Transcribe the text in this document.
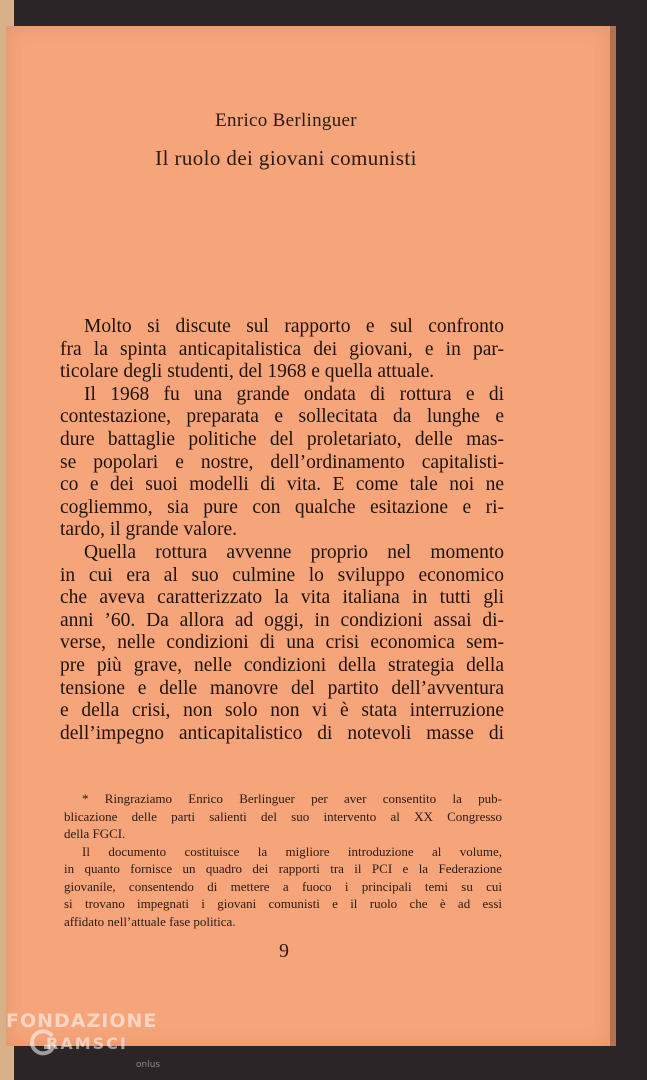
Enrico Berlinguer
Il ruolo dei giovani comunisti
Molto si discute sul rapporto e sul confronto
fra la spinta anticapitalistica dei giovani, e in par-
ticolare degli studenti, del 1968 e quella attuale.
Il 1968 fu una grande ondata di rottura e di
contestazione, preparata e sollecitata da lunghe e
dure battaglie politiche del proletariato, delle mas-
se popolari e nostre, dell’ordinamento capitalisti-
co e dei suoi modelli di vita. E come tale noi ne
cogliemmo, sia pure con qualche esitazione e ri-
tardo, il grande valore.
Quella rottura avvenne proprio nel momento
in cui era al suo culmine lo sviluppo economico
che aveva caratterizzato la vita italiana in tutti gli
anni ’60. Da allora ad oggi, in condizioni assai di-
verse, nelle condizioni di una crisi economica sem-
pre più grave, nelle condizioni della strategia della
tensione e delle manovre del partito dell’avventura
e della crisi, non solo non vi è stata interruzione
dell’impegno anticapitalistico di notevoli masse di
* Ringraziamo Enrico Berlinguer per aver consentito la pub-
blicazione delle parti salienti del suo intervento al XX Congresso
della FGCI.
Il documento costituisce la migliore introduzione al volume,
in quanto fornisce un quadro dei rapporti tra il PCI e la Federazione
giovanile, consentendo di mettere a fuoco i principali temi su cui
si trovano impegnati i giovani comunisti e il ruolo che è ad essi
affidato nell’attuale fase politica.
9
FONDAZIONE
RAMSCI
onlus
